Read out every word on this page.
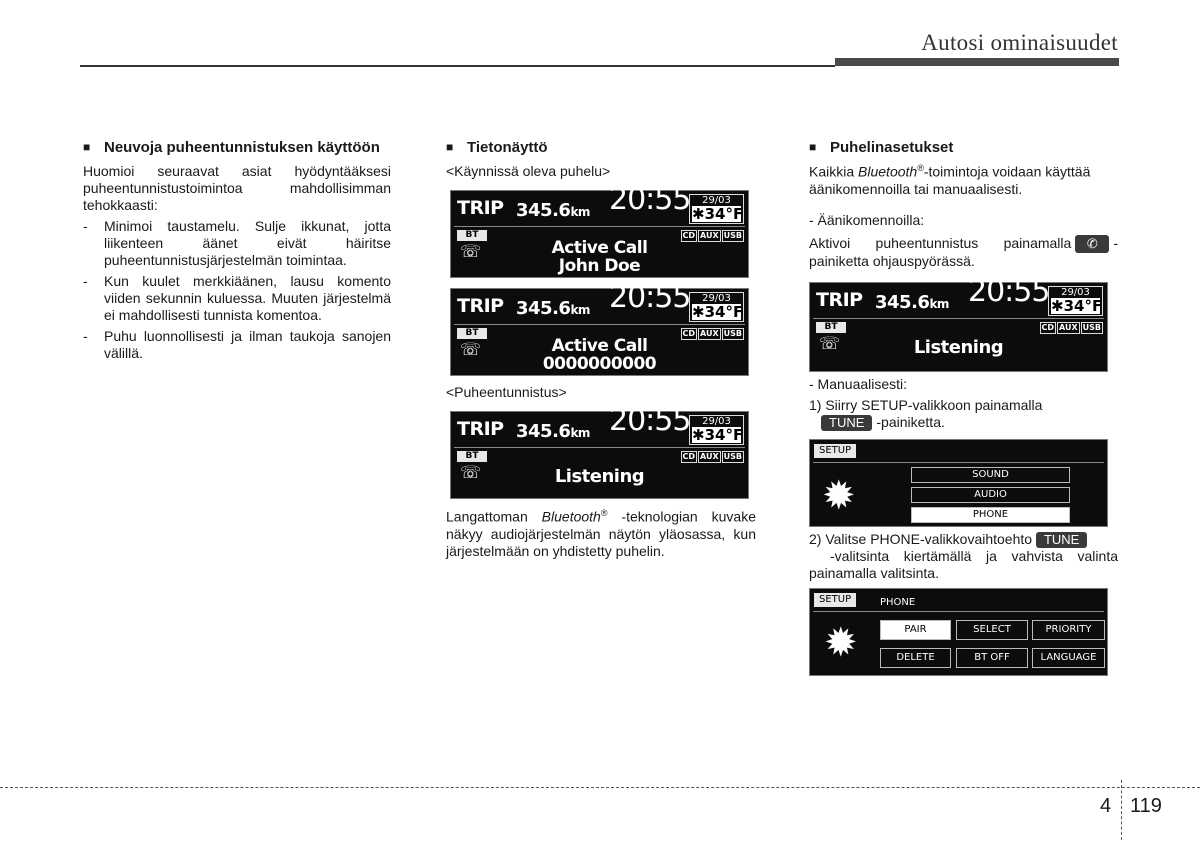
Autosi ominaisuudet
■ Neuvoja puheentunnistuksen käyttöön

Huomioi seuraavat asiat hyödyntääksesi puheentunnistustoimintoa mahdollisimman tehokkaasti:

-	Minimoi taustamelu. Sulje ikkunat, jotta liikenteen äänet eivät häiritse puheentunnistusjärjestelmän toimintaa.
-	Kun kuulet merkkiäänen, lausu komento viiden sekunnin kuluessa. Muuten järjestelmä ei mahdollisesti tunnista komentoa.
-	Puhu luonnollisesti ja ilman taukoja sanojen välillä.
■ Tietonäyttö

<Käynnissä oleva puhelu>

TRIP 345.6km 20:55	29/03
✱34°F
BT	CD AUX USB
☏	Active Call
John Doe
TRIP 345.6km 20:55	29/03
✱34°F
BT	CD AUX USB
☏	Active Call
0000000000

<Puheentunnistus>

TRIP 345.6km 20:55	29/03
✱34°F
BT	CD AUX USB
☏	Listening

Langattoman Bluetooth® -teknologian kuvake näkyy audiojärjestelmän näytön yläosassa, kun järjestelmään on yhdistetty puhelin.

■ Puhelinasetukset

Kaikkia Bluetooth®-toimintoja voidaan käyttää äänikomennoilla tai manuaalisesti.

- Äänikomennoilla:

Aktivoi puheentunnistus painamalla ✆ -painiketta ohjauspyörässä.

TRIP 345.6km 20:55	29/03
✱34°F
BT	CD AUX USB
☏	Listening

- Manuaalisesti:

1) Siirry SETUP-valikkoon painamalla
TUNE -painiketta.

SETUP
✹	SOUND
AUDIO
PHONE

2) Valitse PHONE-valikkovaihtoehto TUNE
-valitsinta kiertämällä ja vahvista valinta painamalla valitsinta.

SETUP	PHONE
✹	PAIR	SELECT	PRIORITY
DELETE	BT OFF	LANGUAGE
4 119
